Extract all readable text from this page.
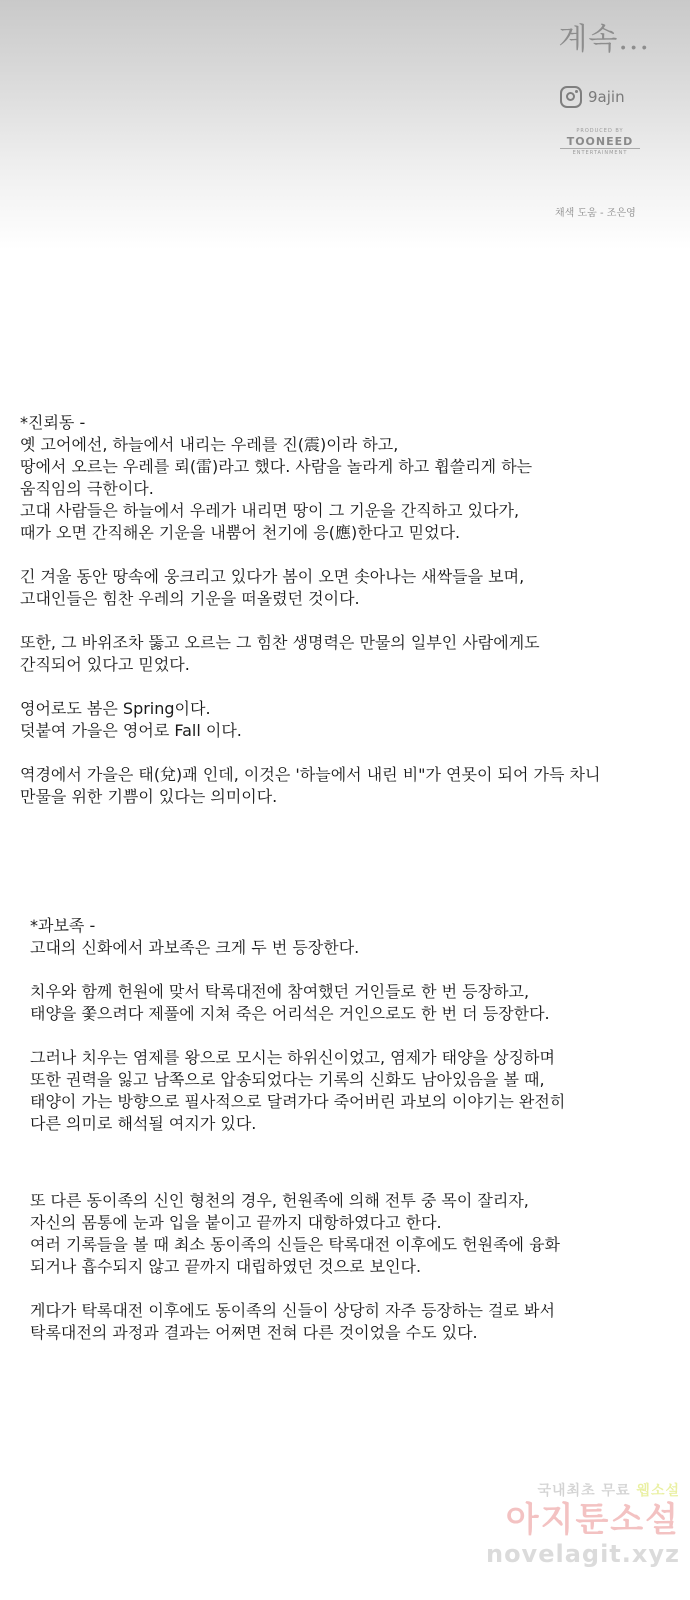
계속...
9ajin
PRODUCED BY
TOONEED
ENTERTAINMENT
채색 도움 - 조은영

*진뢰동 -

옛 고어에선, 하늘에서 내리는 우레를 진(震)이라 하고,

땅에서 오르는 우레를 뢰(雷)라고 했다. 사람을 놀라게 하고 휩쓸리게 하는

움직임의 극한이다.

고대 사람들은 하늘에서 우레가 내리면 땅이 그 기운을 간직하고 있다가,

때가 오면 간직해온 기운을 내뿜어 천기에 응(應)한다고 믿었다.

긴 겨울 동안 땅속에 웅크리고 있다가 봄이 오면 솟아나는 새싹들을 보며,

고대인들은 힘찬 우레의 기운을 떠올렸던 것이다.

또한, 그 바위조차 뚫고 오르는 그 힘찬 생명력은 만물의 일부인 사람에게도

간직되어 있다고 믿었다.

영어로도 봄은 Spring이다.

덧붙여 가을은 영어로 Fall 이다.

역경에서 가을은 태(兌)괘 인데, 이것은 '하늘에서 내린 비"가 연못이 되어 가득 차니

만물을 위한 기쁨이 있다는 의미이다.

*과보족 -

고대의 신화에서 과보족은 크게 두 번 등장한다.

치우와 함께 헌원에 맞서 탁록대전에 참여했던 거인들로 한 번 등장하고,

태양을 쫓으려다 제풀에 지쳐 죽은 어리석은 거인으로도 한 번 더 등장한다.

그러나 치우는 염제를 왕으로 모시는 하위신이었고, 염제가 태양을 상징하며

또한 권력을 잃고 남쪽으로 압송되었다는 기록의 신화도 남아있음을 볼 때,

태양이 가는 방향으로 필사적으로 달려가다 죽어버린 과보의 이야기는 완전히

다른 의미로 해석될 여지가 있다.

또 다른 동이족의 신인 형천의 경우, 헌원족에 의해 전투 중 목이 잘리자,

자신의 몸통에 눈과 입을 붙이고 끝까지 대항하였다고 한다.

여러 기록들을 볼 때 최소 동이족의 신들은 탁록대전 이후에도 헌원족에 융화

되거나 흡수되지 않고 끝까지 대립하였던 것으로 보인다.

게다가 탁록대전 이후에도 동이족의 신들이 상당히 자주 등장하는 걸로 봐서

탁록대전의 과정과 결과는 어쩌면 전혀 다른 것이었을 수도 있다.

국내최초 무료 웹소설
아지툰소설
novelagit.xyz
